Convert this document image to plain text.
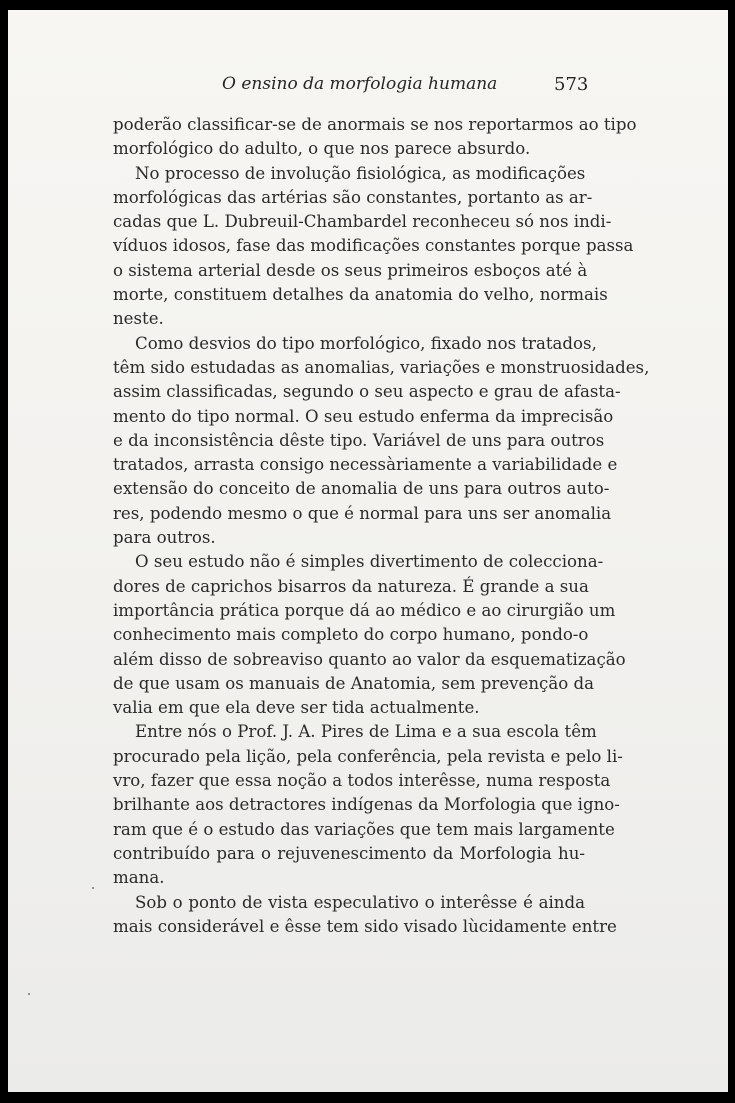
O ensino da morfologia humana	573
poderão classificar-se de anormais se nos reportarmos ao tipo
morfológico do adulto, o que nos parece absurdo.
No processo de involução fisiológica, as modificações
morfológicas das artérias são constantes, portanto as ar-
cadas que L. Dubreuil-Chambardel reconheceu só nos indi-
víduos idosos, fase das modificações constantes porque passa
o sistema arterial desde os seus primeiros esboços até à
morte, constituem detalhes da anatomia do velho, normais
neste.
Como desvios do tipo morfológico, fixado nos tratados,
têm sido estudadas as anomalias, variações e monstruosidades,
assim classificadas, segundo o seu aspecto e grau de afasta-
mento do tipo normal. O seu estudo enferma da imprecisão
e da inconsistência dêste tipo. Variável de uns para outros
tratados, arrasta consigo necessàriamente a variabilidade e
extensão do conceito de anomalia de uns para outros auto-
res, podendo mesmo o que é normal para uns ser anomalia
para outros.
O seu estudo não é simples divertimento de colecciona-
dores de caprichos bisarros da natureza. É grande a sua
importância prática porque dá ao médico e ao cirurgião um
conhecimento mais completo do corpo humano, pondo-o
além disso de sobreaviso quanto ao valor da esquematização
de que usam os manuais de Anatomia, sem prevenção da
valia em que ela deve ser tida actualmente.
Entre nós o Prof. J. A. Pires de Lima e a sua escola têm
procurado pela lição, pela conferência, pela revista e pelo li-
vro, fazer que essa noção a todos interêsse, numa resposta
brilhante aos detractores indígenas da Morfologia que igno-
ram que é o estudo das variações que tem mais largamente
contribuído para o rejuvenescimento da Morfologia hu-
mana.
Sob o ponto de vista especulativo o interêsse é ainda
mais considerável e êsse tem sido visado lùcidamente entre
